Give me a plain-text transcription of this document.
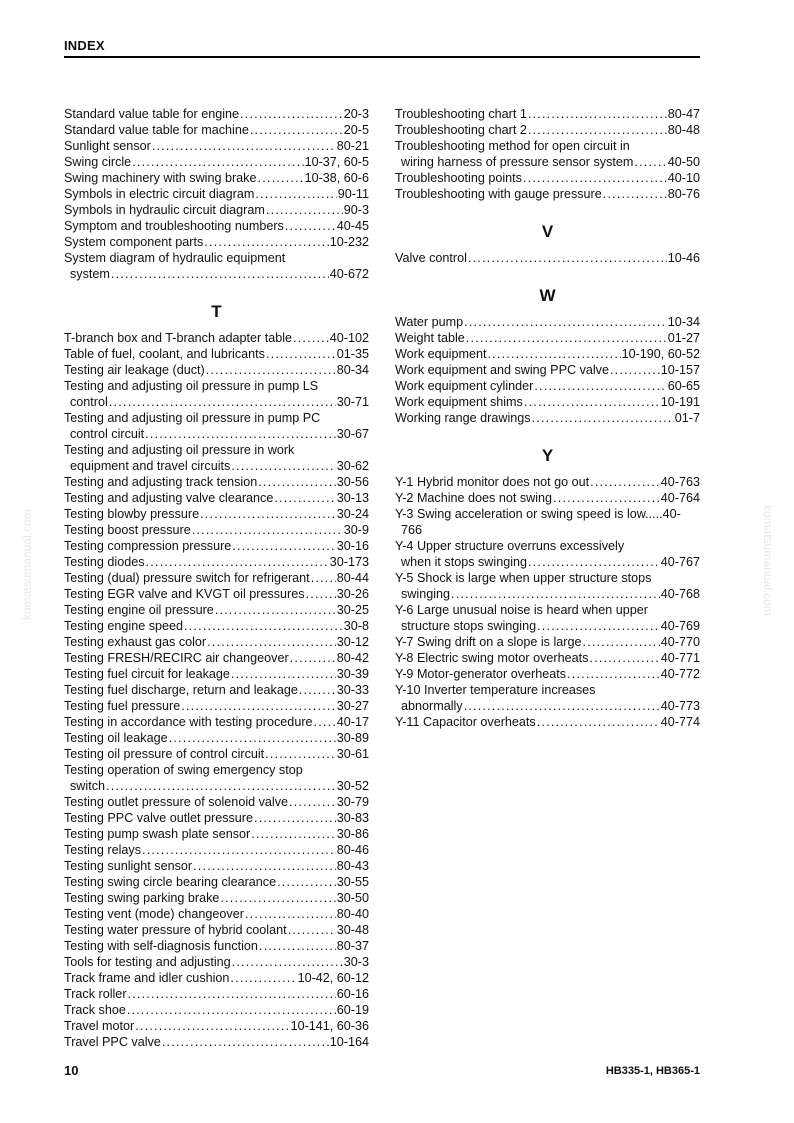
INDEX
Standard value table for engine .....	20-3
Standard value table for machine .....	20-5
Sunlight sensor .....	80-21
Swing circle .....	10-37, 60-5
Swing machinery with swing brake .....	10-38, 60-6
Symbols in electric circuit diagram .....	90-11
Symbols in hydraulic circuit diagram .....	90-3
Symptom and troubleshooting numbers .....	40-45
System component parts .....	10-232
System diagram of hydraulic equipment
system .....	40-672
T
T-branch box and T-branch adapter table .....	40-102
Table of fuel, coolant, and lubricants .....	01-35
Testing air leakage (duct) .....	80-34
Testing and adjusting oil pressure in pump LS
control .....	30-71
Testing and adjusting oil pressure in pump PC
control circuit .....	30-67
Testing and adjusting oil pressure in work
equipment and travel circuits .....	30-62
Testing and adjusting track tension .....	30-56
Testing and adjusting valve clearance .....	30-13
Testing blowby pressure .....	30-24
Testing boost pressure .....	30-9
Testing compression pressure .....	30-16
Testing diodes .....	30-173
Testing (dual) pressure switch for refrigerant ..... 80-44
Testing EGR valve and KVGT oil pressures .....	30-26
Testing engine oil pressure .....	30-25
Testing engine speed .....	30-8
Testing exhaust gas color .....	30-12
Testing FRESH/RECIRC air changeover .....	80-42
Testing fuel circuit for leakage .....	30-39
Testing fuel discharge, return and leakage .....	30-33
Testing fuel pressure .....	30-27
Testing in accordance with testing procedure ..... 40-17
Testing oil leakage .....	30-89
Testing oil pressure of control circuit .....	30-61
Testing operation of swing emergency stop
switch .....	30-52
Testing outlet pressure of solenoid valve .....	30-79
Testing PPC valve outlet pressure .....	30-83
Testing pump swash plate sensor .....	30-86
Testing relays .....	80-46
Testing sunlight sensor .....	80-43
Testing swing circle bearing clearance .....	30-55
Testing swing parking brake .....	30-50
Testing vent (mode) changeover .....	80-40
Testing water pressure of hybrid coolant .....	30-48
Testing with self-diagnosis function .....	80-37
Tools for testing and adjusting .....	30-3
Track frame and idler cushion .....	10-42, 60-12
Track roller .....	60-16
Track shoe .....	60-19
Travel motor .....	10-141, 60-36
Travel PPC valve .....	10-164
Troubleshooting chart 1 .....	80-47
Troubleshooting chart 2 .....	80-48
Troubleshooting method for open circuit in
wiring harness of pressure sensor system .....	40-50
Troubleshooting points .....	40-10
Troubleshooting with gauge pressure .....	80-76
V
Valve control .....	10-46
W
Water pump .....	10-34
Weight table .....	01-27
Work equipment .....	10-190, 60-52
Work equipment and swing PPC valve .....	10-157
Work equipment cylinder .....	60-65
Work equipment shims .....	10-191
Working range drawings .....	01-7
Y
Y-1 Hybrid monitor does not go out .....	40-763
Y-2 Machine does not swing .....	40-764
Y-3 Swing acceleration or swing speed is low.....40-
766
Y-4 Upper structure overruns excessively
when it stops swinging .....	40-767
Y-5 Shock is large when upper structure stops
swinging .....	40-768
Y-6 Large unusual noise is heard when upper
structure stops swinging .....	40-769
Y-7 Swing drift on a slope is large .....	40-770
Y-8 Electric swing motor overheats .....	40-771
Y-9 Motor-generator overheats .....	40-772
Y-10 Inverter temperature increases
abnormally .....	40-773
Y-11 Capacitor overheats .....	40-774
komatsumanual.com	komatsumanual.com
10	HB335-1, HB365-1
